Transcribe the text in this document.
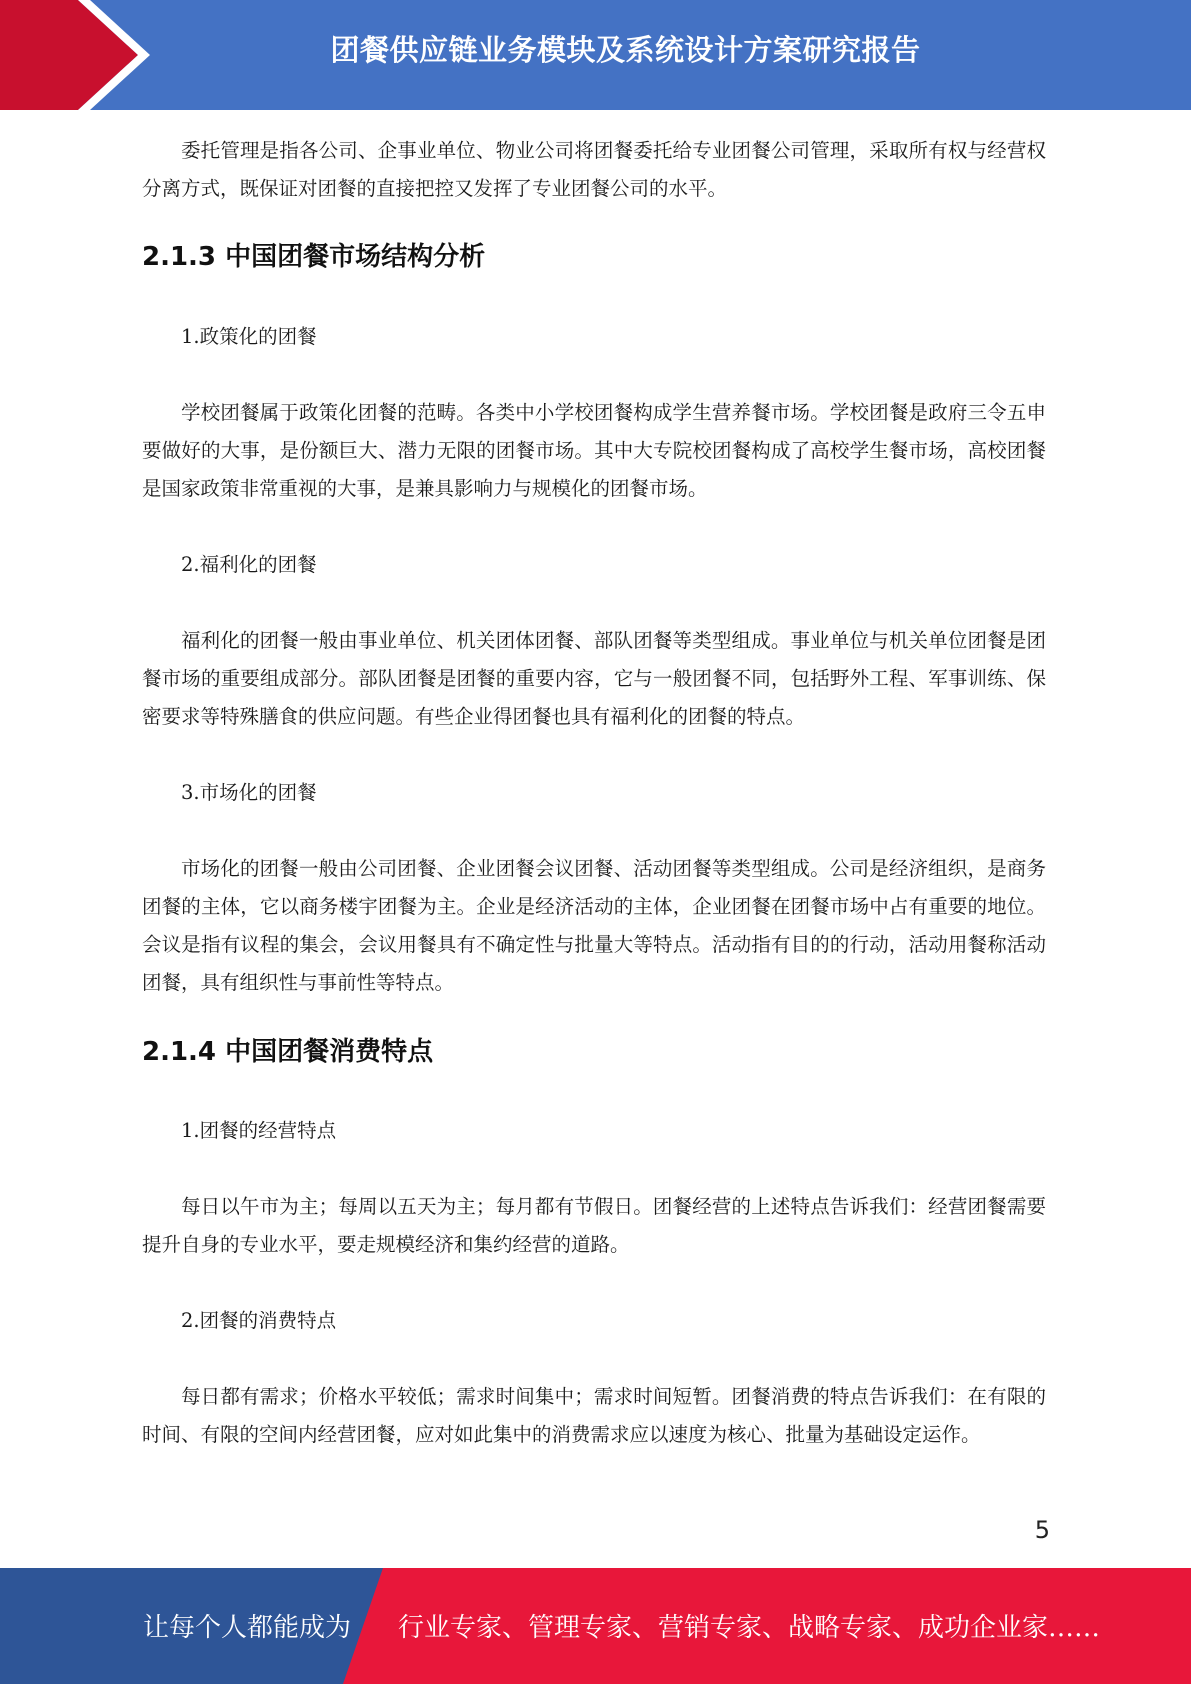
团餐供应链业务模块及系统设计方案研究报告

委托管理是指各公司、企事业单位、物业公司将团餐委托给专业团餐公司管理，采取所有权与经营权分离方式，既保证对团餐的直接把控又发挥了专业团餐公司的水平。

2.1.3 中国团餐市场结构分析

1.政策化的团餐

学校团餐属于政策化团餐的范畴。各类中小学校团餐构成学生营养餐市场。学校团餐是政府三令五申要做好的大事，是份额巨大、潜力无限的团餐市场。其中大专院校团餐构成了高校学生餐市场，高校团餐是国家政策非常重视的大事，是兼具影响力与规模化的团餐市场。

2.福利化的团餐

福利化的团餐一般由事业单位、机关团体团餐、部队团餐等类型组成。事业单位与机关单位团餐是团餐市场的重要组成部分。部队团餐是团餐的重要内容，它与一般团餐不同，包括野外工程、军事训练、保密要求等特殊膳食的供应问题。有些企业得团餐也具有福利化的团餐的特点。

3.市场化的团餐

市场化的团餐一般由公司团餐、企业团餐会议团餐、活动团餐等类型组成。公司是经济组织，是商务团餐的主体，它以商务楼宇团餐为主。企业是经济活动的主体，企业团餐在团餐市场中占有重要的地位。会议是指有议程的集会，会议用餐具有不确定性与批量大等特点。活动指有目的的行动，活动用餐称活动团餐，具有组织性与事前性等特点。

2.1.4 中国团餐消费特点

1.团餐的经营特点

每日以午市为主；每周以五天为主；每月都有节假日。团餐经营的上述特点告诉我们：经营团餐需要提升自身的专业水平，要走规模经济和集约经营的道路。

2.团餐的消费特点

每日都有需求；价格水平较低；需求时间集中；需求时间短暂。团餐消费的特点告诉我们：在有限的时间、有限的空间内经营团餐，应对如此集中的消费需求应以速度为核心、批量为基础设定运作。

5
让每个人都能成为 行业专家、管理专家、营销专家、战略专家、成功企业家……
